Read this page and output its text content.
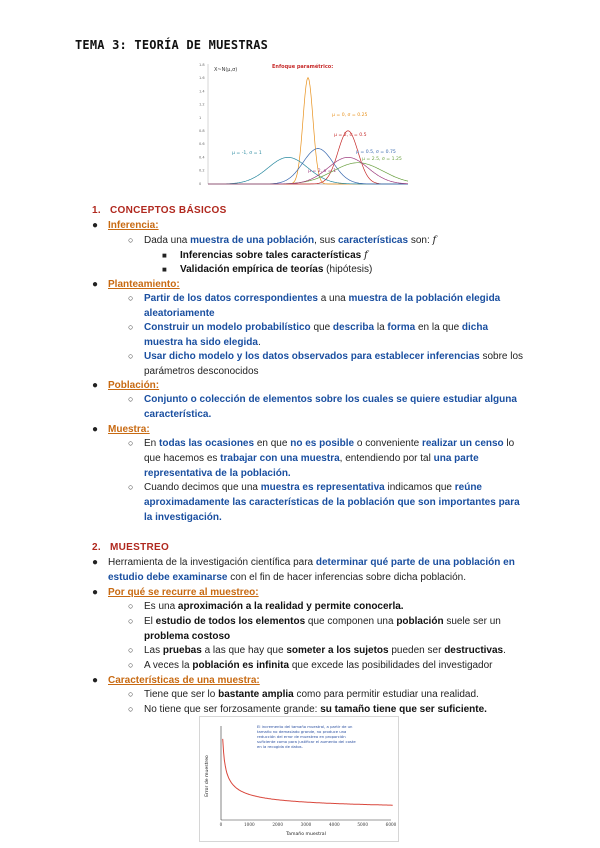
TEMA 3: TEORÍA DE MUESTRAS
X~N(μ,σ)	Enfoque paramétrico:
1.8
1.6
1.4
1.2
1
0.8
0.6
0.4
0.2
0
μ = 0, σ = 0.25
μ = 2, σ = 0.5
μ = -1, σ = 1	μ = 0.5, σ = 0.75
μ = 2.5, σ = 1.25
μ = 2, σ = 1
1. CONCEPTOS BÁSICOS
● Inferencia:
○ Dada una muestra de una población, sus características son: f
■ Inferencias sobre tales características f
■ Validación empírica de teorías (hipótesis)
● Planteamiento:
○ Partir de los datos correspondientes a una muestra de la población elegida
aleatoriamente
○ Construir un modelo probabilístico que describa la forma en la que dicha
muestra ha sido elegida.
○ Usar dicho modelo y los datos observados para establecer inferencias sobre los
parámetros desconocidos
● Población:
○ Conjunto o colección de elementos sobre los cuales se quiere estudiar alguna
característica.
● Muestra:
○ En todas las ocasiones en que no es posible o conveniente realizar un censo lo
que hacemos es trabajar con una muestra, entendiendo por tal una parte
representativa de la población.
○ Cuando decimos que una muestra es representativa indicamos que reúne
aproximadamente las características de la población que son importantes para
la investigación.
2. MUESTREO
● Herramienta de la investigación científica para determinar qué parte de una población en
estudio debe examinarse con el fin de hacer inferencias sobre dicha población.
● Por qué se recurre al muestreo:
○ Es una aproximación a la realidad y permite conocerla.
○ El estudio de todos los elementos que componen una población suele ser un
problema costoso
○ Las pruebas a las que hay que someter a los sujetos pueden ser destructivas.
○ A veces la población es infinita que excede las posibilidades del investigador
● Características de una muestra:
○ Tiene que ser lo bastante amplia como para permitir estudiar una realidad.
○ No tiene que ser forzosamente grande: su tamaño tiene que ser suficiente.
Error de muestreo
Tamaño muestral
0	1000	2000	3000	4000	5000	6000
El incremento del tamaño muestral, a partir de un
tamaño no demasiado grande, no produce una
reducción del error de muestreo en proporción
suficiente como para justificar el aumento del coste
en la recogida de datos.
